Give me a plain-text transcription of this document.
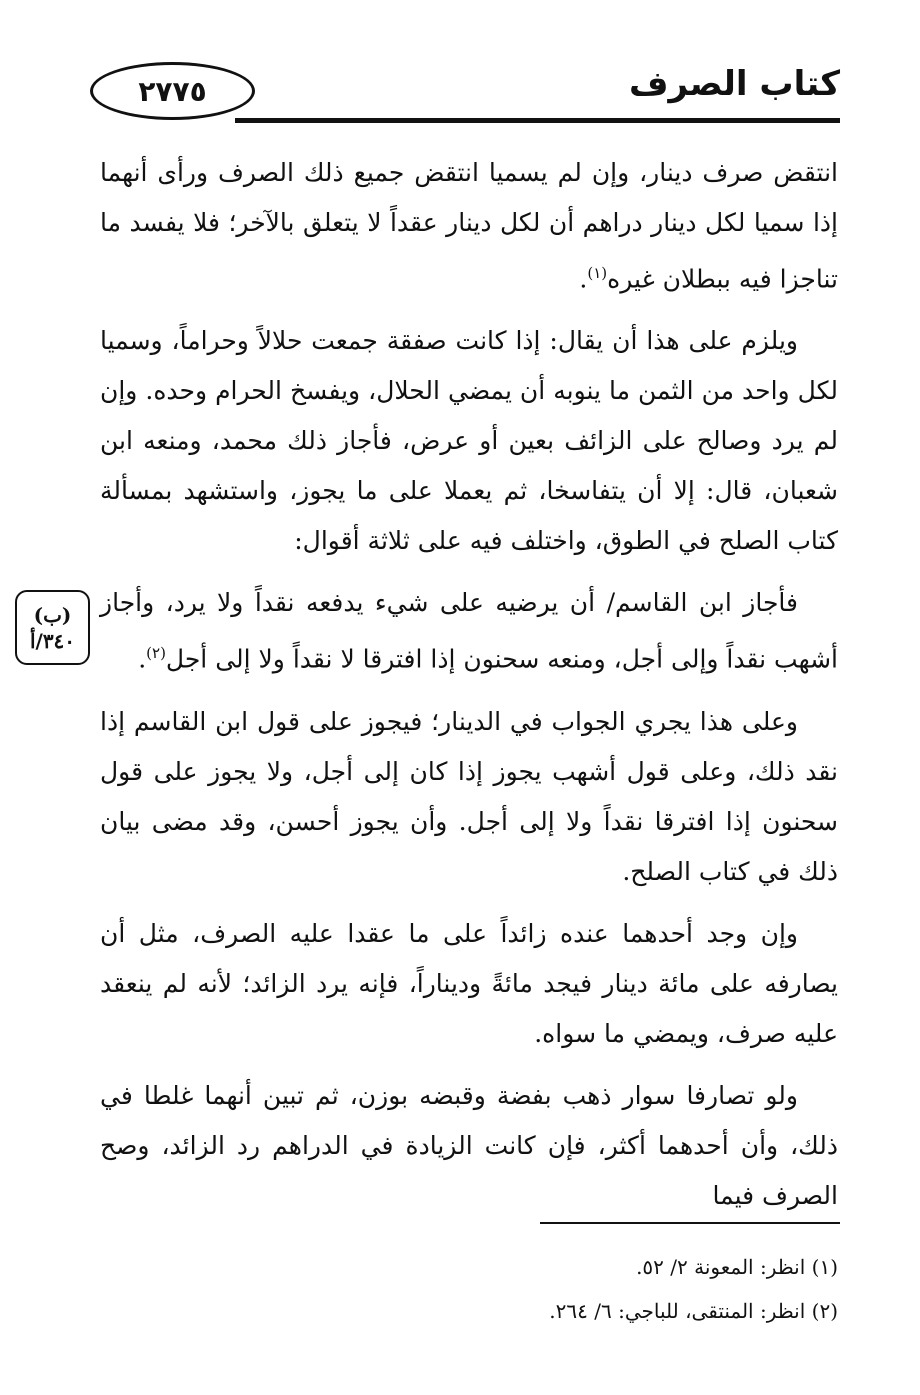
٢٧٧٥	كتاب الصرف

انتقض صرف دينار، وإن لم يسميا انتقض جميع ذلك الصرف ورأى أنهما إذا سميا لكل دينار دراهم أن لكل دينار عقداً لا يتعلق بالآخر؛ فلا يفسد ما تناجزا فيه ببطلان غيره$^{(١)}$.

ويلزم على هذا أن يقال: إذا كانت صفقة جمعت حلالاً وحراماً، وسميا لكل واحد من الثمن ما ينوبه أن يمضي الحلال، ويفسخ الحرام وحده. وإن لم يرد وصالح على الزائف بعين أو عرض، فأجاز ذلك محمد، ومنعه ابن شعبان، قال: إلا أن يتفاسخا، ثم يعملا على ما يجوز، واستشهد بمسألة كتاب الصلح في الطوق، واختلف فيه على ثلاثة أقوال:

فأجاز ابن القاسم/ أن يرضيه على شيء يدفعه نقداً ولا يرد، وأجاز أشهب نقداً وإلى أجل، ومنعه سحنون إذا افترقا لا نقداً ولا إلى أجل$^{(٢)}$.

وعلى هذا يجري الجواب في الدينار؛ فيجوز على قول ابن القاسم إذا نقد ذلك، وعلى قول أشهب يجوز إذا كان إلى أجل، ولا يجوز على قول سحنون إذا افترقا نقداً ولا إلى أجل. وأن يجوز أحسن، وقد مضى بيان ذلك في كتاب الصلح.

وإن وجد أحدهما عنده زائداً على ما عقدا عليه الصرف، مثل أن يصارفه على مائة دينار فيجد مائةً وديناراً، فإنه يرد الزائد؛ لأنه لم ينعقد عليه صرف، ويمضي ما سواه.

ولو تصارفا سوار ذهب بفضة وقبضه بوزن، ثم تبين أنهما غلطا في ذلك، وأن أحدهما أكثر، فإن كانت الزيادة في الدراهم رد الزائد، وصح الصرف فيما

(ب)
٣٤٠/أ

(١) انظر: المعونة ٢/ ٥٢.

(٢) انظر: المنتقى، للباجي: ٦/ ٢٦٤.
